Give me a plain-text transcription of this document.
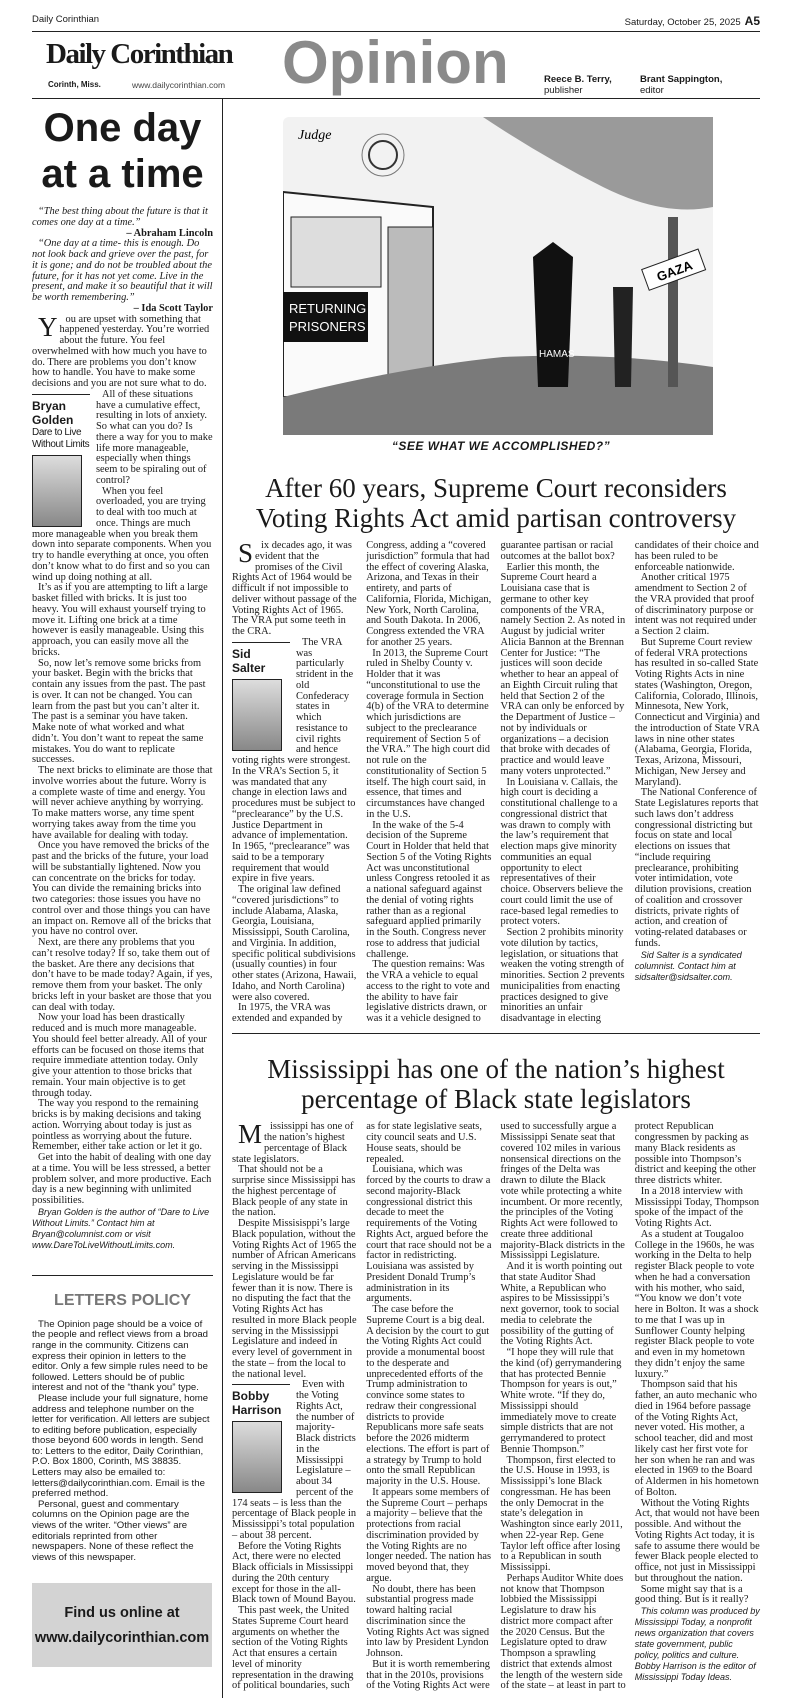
Daily Corinthian	Saturday, October 25, 2025 A5
Daily Corinthian
Corinth, Miss.	www.dailycorinthian.com Opinion	Reece B. Terry,
publisher
Brant Sappington,
editor
One day
at a time

“The best thing about the future is that it comes one day at a time.”

– Abraham Lincoln

“One day at a time- this is enough. Do not look back and grieve over the past, for it is gone; and do not be troubled about the future, for it has not yet come. Live in the present, and make it so beautiful that it will be worth remembering.”

– Ida Scott Taylor

You are upset with something that happened yesterday. You’re worried about the future. You feel overwhelmed with how much you have to do. There are problems you don’t know how to handle. You have to make some decisions and you are not sure what to do.

Bryan
Golden
Dare to Live Without Limits

All of these situations have a cumulative effect, resulting in lots of anxiety. So what can you do? Is there a way for you to make life more manageable, especially when things seem to be spiraling out of control?

When you feel overloaded, you are trying to deal with too much at once. Things are much more manageable when you break them down into separate components. When you try to handle everything at once, you often don’t know what to do first and so you can wind up doing nothing at all.

It’s as if you are attempting to lift a large basket filled with bricks. It is just too heavy. You will exhaust yourself trying to move it. Lifting one brick at a time however is easily manageable. Using this approach, you can easily move all the bricks.

So, now let’s remove some bricks from your basket. Begin with the bricks that contain any issues from the past. The past is over. It can not be changed. You can learn from the past but you can’t alter it. The past is a seminar you have taken. Make note of what worked and what didn’t. You don’t want to repeat the same mistakes. You do want to replicate successes.

The next bricks to eliminate are those that involve worries about the future. Worry is a complete waste of time and energy. You will never achieve anything by worrying. To make matters worse, any time spent worrying takes away from the time you have available for dealing with today.

Once you have removed the bricks of the past and the bricks of the future, your load will be substantially lightened. Now you can concentrate on the bricks for today. You can divide the remaining bricks into two categories: those issues you have no control over and those things you can have an impact on. Remove all of the bricks that you have no control over.

Next, are there any problems that you can’t resolve today? If so, take them out of the basket. Are there any decisions that don’t have to be made today? Again, if yes, remove them from your basket. The only bricks left in your basket are those that you can deal with today.

Now your load has been drastically reduced and is much more manageable. You should feel better already. All of your efforts can be focused on those items that require immediate attention today. Only give your attention to those bricks that remain. Your main objective is to get through today.

The way you respond to the remaining bricks is by making decisions and taking action. Worrying about today is just as pointless as worrying about the future. Remember, either take action or let it go.

Get into the habit of dealing with one day at a time. You will be less stressed, a better problem solver, and more productive. Each day is a new beginning with unlimited possibilities.

Bryan Golden is the author of “Dare to Live Without Limits.” Contact him at Bryan@columnist.com or visit www.DareToLiveWithoutLimits.com.

LETTERS POLICY

The Opinion page should be a voice of the people and reflect views from a broad range in the community. Citizens can express their opinion in letters to the editor. Only a few simple rules need to be followed. Letters should be of public interest and not of the “thank you” type.

Please include your full signature, home address and telephone number on the letter for verification. All letters are subject to editing before publication, especially those beyond 600 words in length. Send to: Letters to the editor, Daily Corinthian, P.O. Box 1800, Corinth, MS 38835. Letters may also be emailed to: letters@dailycorinthian.com. Email is the preferred method.

Personal, guest and commentary columns on the Opinion page are the views of the writer. “Other views” are editorials reprinted from other newspapers. None of these reflect the views of this newspaper.

Find us online at
www.dailycorinthian.com
RETURNING
PRISONERS
HAMAS
GAZA
Judge
“SEE WHAT WE ACCOMPLISHED?”
After 60 years, Supreme Court reconsiders
Voting Rights Act amid partisan controversy

Six decades ago, it was evident that the promises of the Civil Rights Act of 1964 would be difficult if not impossible to deliver without passage of the Voting Rights Act of 1965. The VRA put some teeth in the CRA.

Sid
Salter

The VRA was particularly strident in the old Confederacy states in which resistance to civil rights and hence voting rights were strongest. In the VRA’s Section 5, it was mandated that any change in election laws and procedures must be subject to “preclearance” by the U.S. Justice Department in advance of implementation. In 1965, “preclearance” was said to be a temporary requirement that would expire in five years.

The original law defined “covered jurisdictions” to include Alabama, Alaska, Georgia, Louisiana, Mississippi, South Carolina, and Virginia. In addition, specific political subdivisions (usually counties) in four other states (Arizona, Hawaii, Idaho, and North Carolina) were also covered.

In 1975, the VRA was extended and expanded by Congress, adding a “covered jurisdiction” formula that had the effect of covering Alaska, Arizona, and Texas in their entirety, and parts of California, Florida, Michigan, New York, North Carolina, and South Dakota. In 2006, Congress extended the VRA for another 25 years.

In 2013, the Supreme Court ruled in Shelby County v. Holder that it was “unconstitutional to use the coverage formula in Section 4(b) of the VRA to determine which jurisdictions are subject to the preclearance requirement of Section 5 of the VRA.” The high court did not rule on the constitutionality of Section 5 itself. The high court said, in essence, that times and circumstances have changed in the U.S.

In the wake of the 5-4 decision of the Supreme Court in Holder that held that Section 5 of the Voting Rights Act was unconstitutional unless Congress retooled it as a national safeguard against the denial of voting rights rather than as a regional safeguard applied primarily in the South. Congress never rose to address that judicial challenge.

The question remains: Was the VRA a vehicle to equal access to the right to vote and the ability to have fair legislative districts drawn, or was it a vehicle designed to guarantee partisan or racial outcomes at the ballot box?

Earlier this month, the Supreme Court heard a Louisiana case that is germane to other key components of the VRA, namely Section 2. As noted in August by judicial writer Alicia Bannon at the Brennan Center for Justice: “The justices will soon decide whether to hear an appeal of an Eighth Circuit ruling that held that Section 2 of the VRA can only be enforced by the Department of Justice – not by individuals or organizations – a decision that broke with decades of practice and would leave many voters unprotected.”

In Louisiana v. Callais, the high court is deciding a constitutional challenge to a congressional district that was drawn to comply with the law’s requirement that election maps give minority communities an equal opportunity to elect representatives of their choice. Observers believe the court could limit the use of race-based legal remedies to protect voters.

Section 2 prohibits minority vote dilution by tactics, legislation, or situations that weaken the voting strength of minorities. Section 2 prevents municipalities from enacting practices designed to give minorities an unfair disadvantage in electing candidates of their choice and has been ruled to be enforceable nationwide.

Another critical 1975 amendment to Section 2 of the VRA provided that proof of discriminatory purpose or intent was not required under a Section 2 claim.

But Supreme Court review of federal VRA protections has resulted in so-called State Voting Rights Acts in nine states (Washington, Oregon, California, Colorado, Illinois, Minnesota, New York, Connecticut and Virginia) and the introduction of State VRA laws in nine other states (Alabama, Georgia, Florida, Texas, Arizona, Missouri, Michigan, New Jersey and Maryland).

The National Conference of State Legislatures reports that such laws don’t address congressional districting but focus on state and local elections on issues that “include requiring preclearance, prohibiting voter intimidation, vote dilution provisions, creation of coalition and crossover districts, private rights of action, and creation of voting-related databases or funds.

Sid Salter is a syndicated columnist. Contact him at sidsalter@sidsalter.com.

Mississippi has one of the nation’s highest
percentage of Black state legislators

Mississippi has one of the nation’s highest percentage of Black state legislators.

That should not be a surprise since Mississippi has the highest percentage of Black people of any state in the nation.

Despite Missisisppi’s large Black population, without the Voting Rights Act of 1965 the number of African Americans serving in the Mississippi Legislature would be far fewer than it is now. There is no disputing the fact that the Voting Rights Act has resulted in more Black people serving in the Mississippi Legislature and indeed in every level of government in the state – from the local to the national level.

Bobby
Harrison

Even with the Voting Rights Act, the number of majority-Black districts in the Mississippi Legislature – about 34 percent of the 174 seats – is less than the percentage of Black people in Mississippi’s total population – about 38 percent.

Before the Voting Rights Act, there were no elected Black officials in Mississippi during the 20th century except for those in the all-Black town of Mound Bayou.

This past week, the United States Supreme Court heard arguments on whether the section of the Voting Rights Act that ensures a certain level of minority representation in the drawing of political boundaries, such as for state legislative seats, city council seats and U.S. House seats, should be repealed.

Louisiana, which was forced by the courts to draw a second majority-Black congressional district this decade to meet the requirements of the Voting Rights Act, argued before the court that race should not be a factor in redistricting. Louisiana was assisted by President Donald Trump’s administration in its arguments.

The case before the Supreme Court is a big deal. A decision by the court to gut the Voting Rights Act could provide a monumental boost to the desperate and unprecedented efforts of the Trump administration to convince some states to redraw their congressional districts to provide Republicans more safe seats before the 2026 midterm elections. The effort is part of a strategy by Trump to hold onto the small Republican majority in the U.S. House.

It appears some members of the Supreme Court – perhaps a majority – believe that the protections from racial discrimination provided by the Voting Rights are no longer needed. The nation has moved beyond that, they argue.

No doubt, there has been substantial progress made toward halting racial discrimination since the Voting Rights Act was signed into law by President Lyndon Johnson.

But it is worth remembering that in the 2010s, provisions of the Voting Rights Act were used to successfully argue a Mississippi Senate seat that covered 102 miles in various nonsensical directions on the fringes of the Delta was drawn to dilute the Black vote while protecting a white incumbent. Or more recently, the principles of the Voting Rights Act were followed to create three additional majority-Black districts in the Mississippi Legislature.

And it is worth pointing out that state Auditor Shad White, a Republican who aspires to be Mississippi’s next governor, took to social media to celebrate the possibility of the gutting of the Voting Rights Act.

“I hope they will rule that the kind (of) gerrymandering that has protected Bennie Thompson for years is out,” White wrote. “If they do, Mississippi should immediately move to create simple districts that are not gerrymandered to protect Bennie Thompson.”

Thompson, first elected to the U.S. House in 1993, is Mississippi’s lone Black congressman. He has been the only Democrat in the state’s delegation in Washington since early 2011, when 22-year Rep. Gene Taylor left office after losing to a Republican in south Mississippi.

Perhaps Auditor White does not know that Thompson lobbied the Mississippi Legislature to draw his district more compact after the 2020 Census. But the Legislature opted to draw Thompson a sprawling district that extends almost the length of the western side of the state – at least in part to protect Republican congressmen by packing as many Black residents as possible into Thompson’s district and keeping the other three districts whiter.

In a 2018 interview with Mississippi Today, Thompson spoke of the impact of the Voting Rights Act.

As a student at Tougaloo College in the 1960s, he was working in the Delta to help register Black people to vote when he had a conversation with his mother, who said, “You know we don’t vote here in Bolton. It was a shock to me that I was up in Sunflower County helping register Black people to vote and even in my hometown they didn’t enjoy the same luxury.”

Thompson said that his father, an auto mechanic who died in 1964 before passage of the Voting Rights Act, never voted. His mother, a school teacher, did and most likely cast her first vote for her son when he ran and was elected in 1969 to the Board of Aldermen in his hometown of Bolton.

Without the Voting Rights Act, that would not have been possible. And without the Voting Rights Act today, it is safe to assume there would be fewer Black people elected to office, not just in Mississippi but throughout the nation.

Some might say that is a good thing. But is it really?

This column was produced by Mississippi Today, a nonprofit news organization that covers state government, public policy, politics and culture. Bobby Harrison is the editor of Mississippi Today Ideas.
